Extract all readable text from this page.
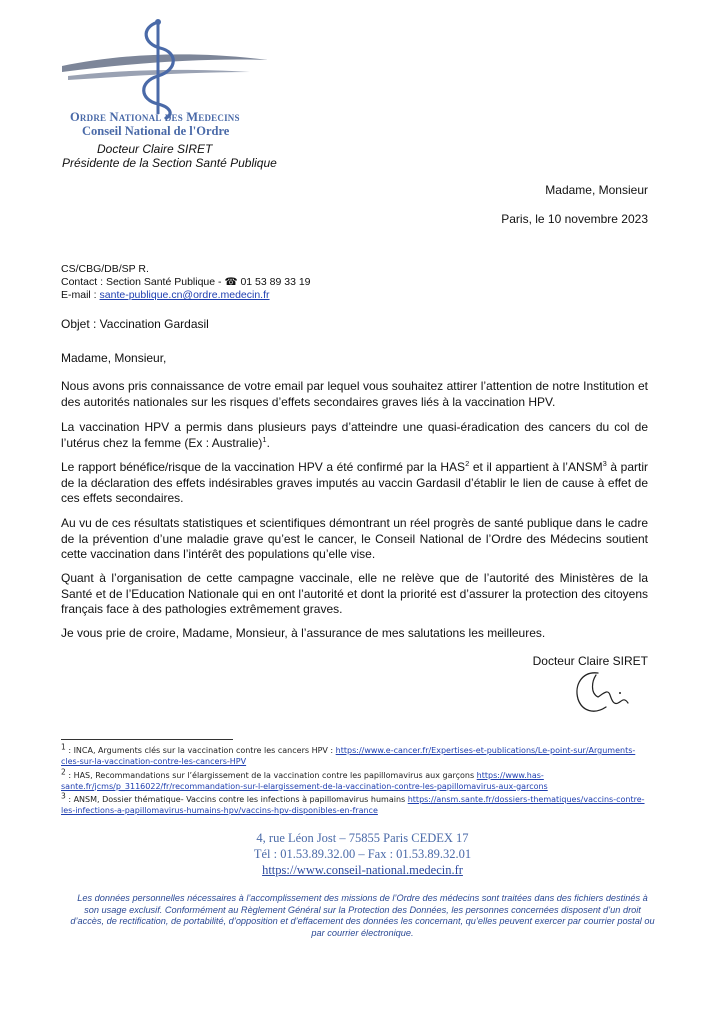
Ordre National des Medecins
Conseil National de l'Ordre
Docteur Claire SIRET
Présidente de la Section Santé Publique
Madame, Monsieur
Paris, le 10 novembre 2023
CS/CBG/DB/SP R.
Contact : Section Santé Publique - ☎ 01 53 89 33 19
E-mail : sante-publique.cn@ordre.medecin.fr
Objet : Vaccination Gardasil
Madame, Monsieur,

Nous avons pris connaissance de votre email par lequel vous souhaitez attirer l’attention de notre Institution et des autorités nationales sur les risques d’effets secondaires graves liés à la vaccination HPV.

La vaccination HPV a permis dans plusieurs pays d’atteindre une quasi-éradication des cancers du col de l’utérus chez la femme (Ex : Australie)$^1$.

Le rapport bénéfice/risque de la vaccination HPV a été confirmé par la HAS$^2$ et il appartient à l’ANSM$^3$ à partir de la déclaration des effets indésirables graves imputés au vaccin Gardasil d’établir le lien de cause à effet de ces effets secondaires.

Au vu de ces résultats statistiques et scientifiques démontrant un réel progrès de santé publique dans le cadre de la prévention d’une maladie grave qu’est le cancer, le Conseil National de l’Ordre des Médecins soutient cette vaccination dans l’intérêt des populations qu’elle vise.

Quant à l’organisation de cette campagne vaccinale, elle ne relève que de l’autorité des Ministères de la Santé et de l’Education Nationale qui en ont l’autorité et dont la priorité est d’assurer la protection des citoyens français face à des pathologies extrêmement graves.

Je vous prie de croire, Madame, Monsieur, à l’assurance de mes salutations les meilleures.

Docteur Claire SIRET
$^1$ : INCA, Arguments clés sur la vaccination contre les cancers HPV : https://www.e-cancer.fr/Expertises-et-publications/Le-point-sur/Arguments-cles-sur-la-vaccination-contre-les-cancers-HPV
$^2$ : HAS, Recommandations sur l’élargissement de la vaccination contre les papillomavirus aux garçons https://www.has-sante.fr/jcms/p_3116022/fr/recommandation-sur-l-elargissement-de-la-vaccination-contre-les-papillomavirus-aux-garcons
$^3$ : ANSM, Dossier thématique- Vaccins contre les infections à papillomavirus humains https://ansm.sante.fr/dossiers-thematiques/vaccins-contre-les-infections-a-papillomavirus-humains-hpv/vaccins-hpv-disponibles-en-france
4, rue Léon Jost – 75855 Paris CEDEX 17
Tél : 01.53.89.32.00 – Fax : 01.53.89.32.01
https://www.conseil-national.medecin.fr
Les données personnelles nécessaires à l’accomplissement des missions de l’Ordre des médecins sont traitées dans des fichiers destinés à son usage exclusif. Conformément au Règlement Général sur la Protection des Données, les personnes concernées disposent d’un droit d’accès, de rectification, de portabilité, d’opposition et d’effacement des données les concernant, qu’elles peuvent exercer par courrier postal ou par courrier électronique.
